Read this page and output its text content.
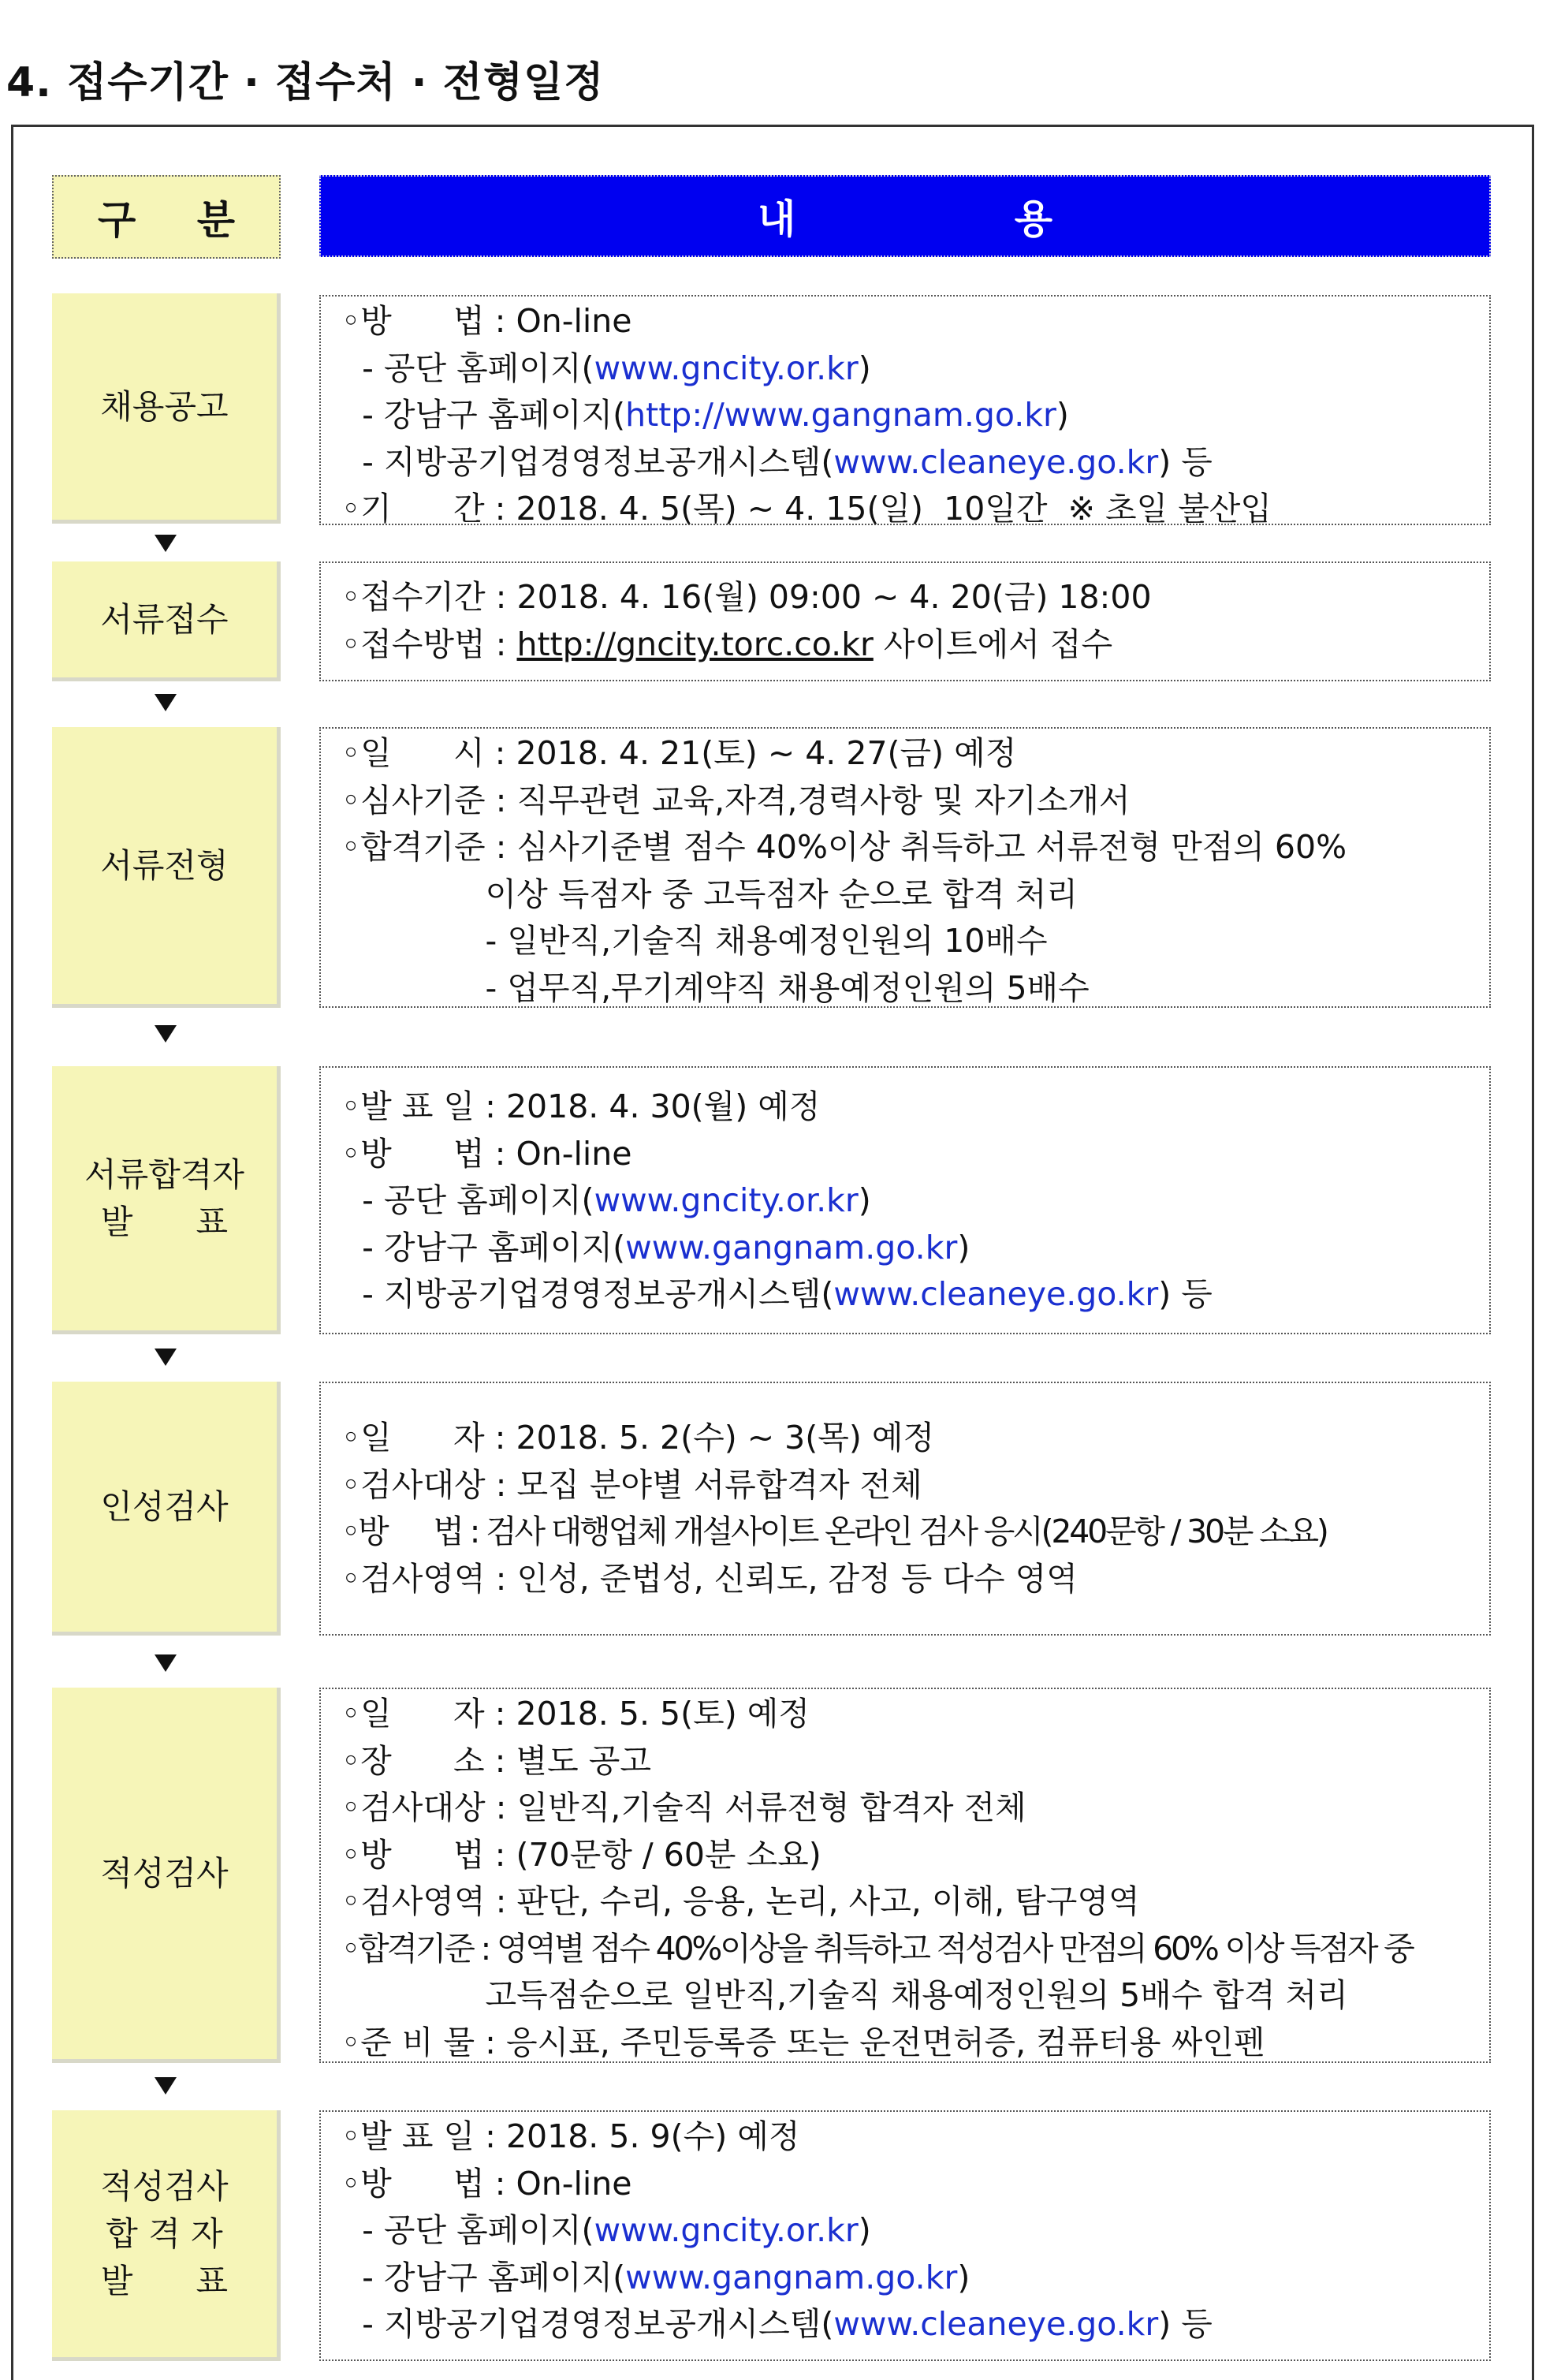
4. 접수기간 · 접수처 · 전형일정
구 분	내 용
채용공고
◦방      법 : On-line
- 공단 홈페이지(www.gncity.or.kr)
- 강남구 홈페이지(http://www.gangnam.go.kr)
- 지방공기업경영정보공개시스템(www.cleaneye.go.kr) 등
◦기      간 : 2018. 4. 5(목) ~ 4. 15(일)  10일간  ※ 초일 불산입
서류접수
◦접수기간 : 2018. 4. 16(월) 09:00 ~ 4. 20(금) 18:00
◦접수방법 : http://gncity.torc.co.kr 사이트에서 접수
서류전형
◦일      시 : 2018. 4. 21(토) ~ 4. 27(금) 예정
◦심사기준 : 직무관련 교육,자격,경력사항 및 자기소개서
◦합격기준 : 심사기준별 점수 40%이상 취득하고 서류전형 만점의 60%
이상 득점자 중 고득점자 순으로 합격 처리
- 일반직,기술직 채용예정인원의 10배수
- 업무직,무기계약직 채용예정인원의 5배수
서류합격자
발      표
◦발 표 일 : 2018. 4. 30(월) 예정
◦방      법 : On-line
- 공단 홈페이지(www.gncity.or.kr)
- 강남구 홈페이지(www.gangnam.go.kr)
- 지방공기업경영정보공개시스템(www.cleaneye.go.kr) 등
인성검사
◦일      자 : 2018. 5. 2(수) ~ 3(목) 예정
◦검사대상 : 모집 분야별 서류합격자 전체
◦방      법 : 검사 대행업체 개설사이트 온라인 검사 응시(240문항 / 30분 소요)
◦검사영역 : 인성, 준법성, 신뢰도, 감정 등 다수 영역
적성검사
◦일      자 : 2018. 5. 5(토) 예정
◦장      소 : 별도 공고
◦검사대상 : 일반직,기술직 서류전형 합격자 전체
◦방      법 : (70문항 / 60분 소요)
◦검사영역 : 판단, 수리, 응용, 논리, 사고, 이해, 탐구영역
◦합격기준 : 영역별 점수 40%이상을 취득하고 적성검사 만점의 60% 이상 득점자 중
고득점순으로 일반직,기술직 채용예정인원의 5배수 합격 처리
◦준 비 물 : 응시표, 주민등록증 또는 운전면허증, 컴퓨터용 싸인펜
적성검사
합 격 자
발      표
◦발 표 일 : 2018. 5. 9(수) 예정
◦방      법 : On-line
- 공단 홈페이지(www.gncity.or.kr)
- 강남구 홈페이지(www.gangnam.go.kr)
- 지방공기업경영정보공개시스템(www.cleaneye.go.kr) 등
